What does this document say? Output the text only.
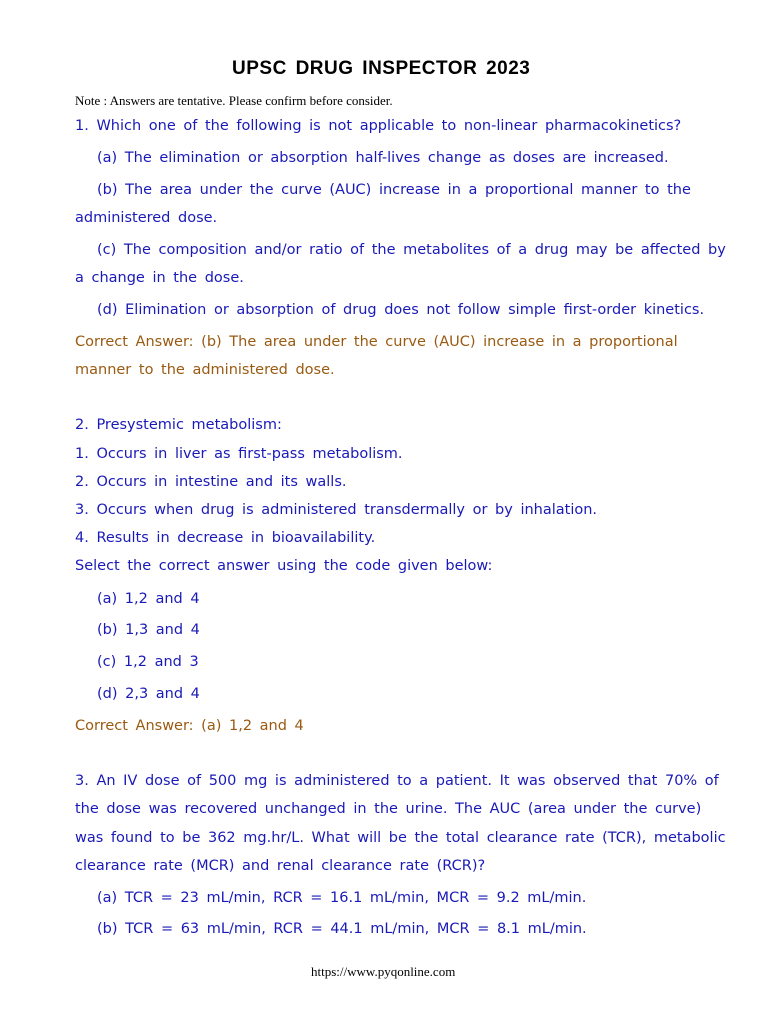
UPSC DRUG INSPECTOR 2023
Note : Answers are tentative. Please confirm before consider.
1. Which one of the following is not applicable to non-linear pharmacokinetics?
(a) The elimination or absorption half-lives change as doses are increased.
(b) The area under the curve (AUC) increase in a proportional manner to the
administered dose.
(c) The composition and/or ratio of the metabolites of a drug may be affected by
a change in the dose.
(d) Elimination or absorption of drug does not follow simple first-order kinetics.
Correct Answer: (b) The area under the curve (AUC) increase in a proportional
manner to the administered dose.
2. Presystemic metabolism:
1. Occurs in liver as first-pass metabolism.
2. Occurs in intestine and its walls.
3. Occurs when drug is administered transdermally or by inhalation.
4. Results in decrease in bioavailability.
Select the correct answer using the code given below:
(a) 1,2 and 4
(b) 1,3 and 4
(c) 1,2 and 3
(d) 2,3 and 4
Correct Answer: (a) 1,2 and 4
3. An IV dose of 500 mg is administered to a patient. It was observed that 70% of
the dose was recovered unchanged in the urine. The AUC (area under the curve)
was found to be 362 mg.hr/L. What will be the total clearance rate (TCR), metabolic
clearance rate (MCR) and renal clearance rate (RCR)?
(a) TCR = 23 mL/min, RCR = 16.1 mL/min, MCR = 9.2 mL/min.
(b) TCR = 63 mL/min, RCR = 44.1 mL/min, MCR = 8.1 mL/min.
https://www.pyqonline.com
